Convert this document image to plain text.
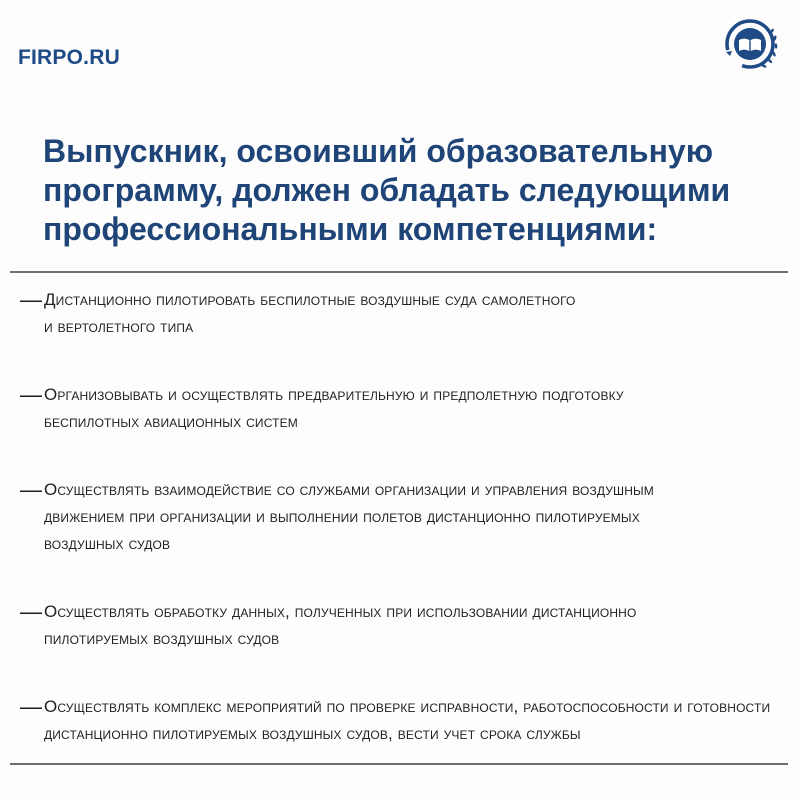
FIRPO.RU
Выпускник, освоивший образовательную программу, должен обладать следующими профессиональными компетенциями:
— Дистанционно пилотировать беспилотные воздушные суда самолетного и вертолетного типа
— Организовывать и осуществлять предварительную и предполетную подготовку беспилотных авиационных систем
— Осуществлять взаимодействие со службами организации и управления воздушным движением при организации и выполнении полетов дистанционно пилотируемых воздушных судов
— Осуществлять обработку данных, полученных при использовании дистанционно пилотируемых воздушных судов
— Осуществлять комплекс мероприятий по проверке исправности, работоспособности и готовности дистанционно пилотируемых воздушных судов, вести учет срока службы
